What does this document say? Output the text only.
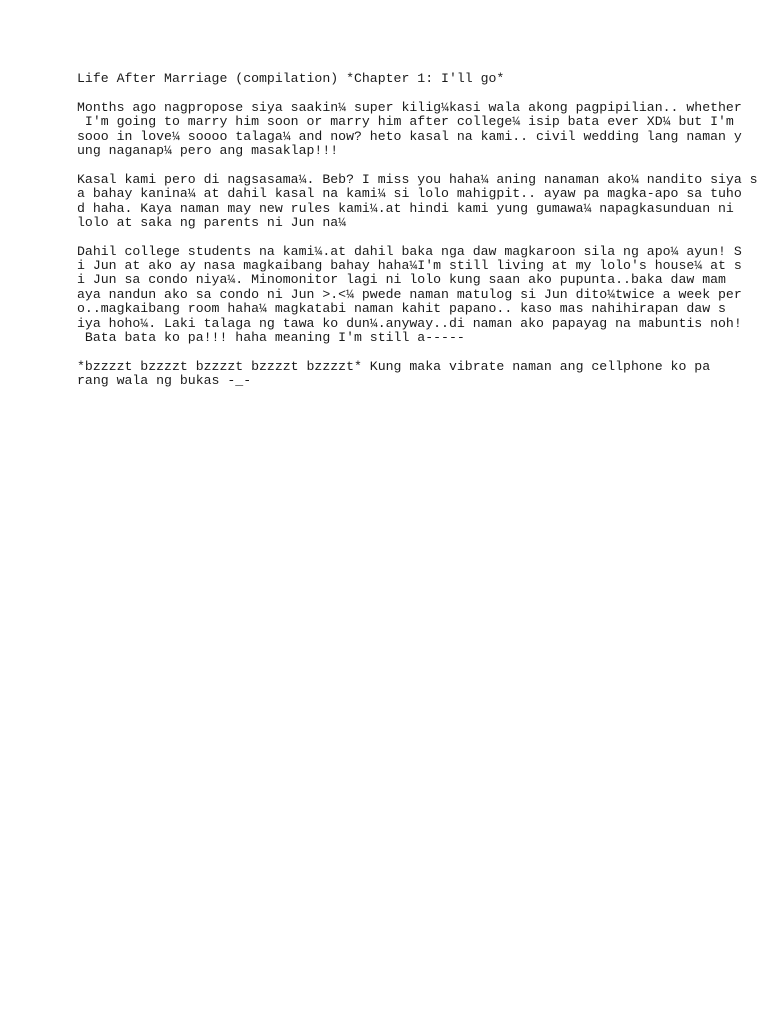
Life After Marriage (compilation) *Chapter 1: I'll go*
Months ago nagpropose siya saakin¼ super kilig¼kasi wala akong pagpipilian.. whether
I'm going to marry him soon or marry him after college¼ isip bata ever XD¼ but I'm
sooo in love¼ soooo talaga¼ and now? heto kasal na kami.. civil wedding lang naman y
ung naganap¼ pero ang masaklap!!!
Kasal kami pero di nagsasama¼. Beb? I miss you haha¼ aning nanaman ako¼ nandito siya s
a bahay kanina¼ at dahil kasal na kami¼ si lolo mahigpit.. ayaw pa magka-apo sa tuho
d haha. Kaya naman may new rules kami¼.at hindi kami yung gumawa¼ napagkasunduan ni
lolo at saka ng parents ni Jun na¼
Dahil college students na kami¼.at dahil baka nga daw magkaroon sila ng apo¼ ayun! S
i Jun at ako ay nasa magkaibang bahay haha¼I'm still living at my lolo's house¼ at s
i Jun sa condo niya¼. Minomonitor lagi ni lolo kung saan ako pupunta..baka daw mam
aya nandun ako sa condo ni Jun >.<¼ pwede naman matulog si Jun dito¼twice a week per
o..magkaibang room haha¼ magkatabi naman kahit papano.. kaso mas nahihirapan daw s
iya hoho¼. Laki talaga ng tawa ko dun¼.anyway..di naman ako papayag na mabuntis noh!
Bata bata ko pa!!! haha meaning I'm still a-----
*bzzzzt bzzzzt bzzzzt bzzzzt bzzzzt* Kung maka vibrate naman ang cellphone ko pa
rang wala ng bukas -_-
